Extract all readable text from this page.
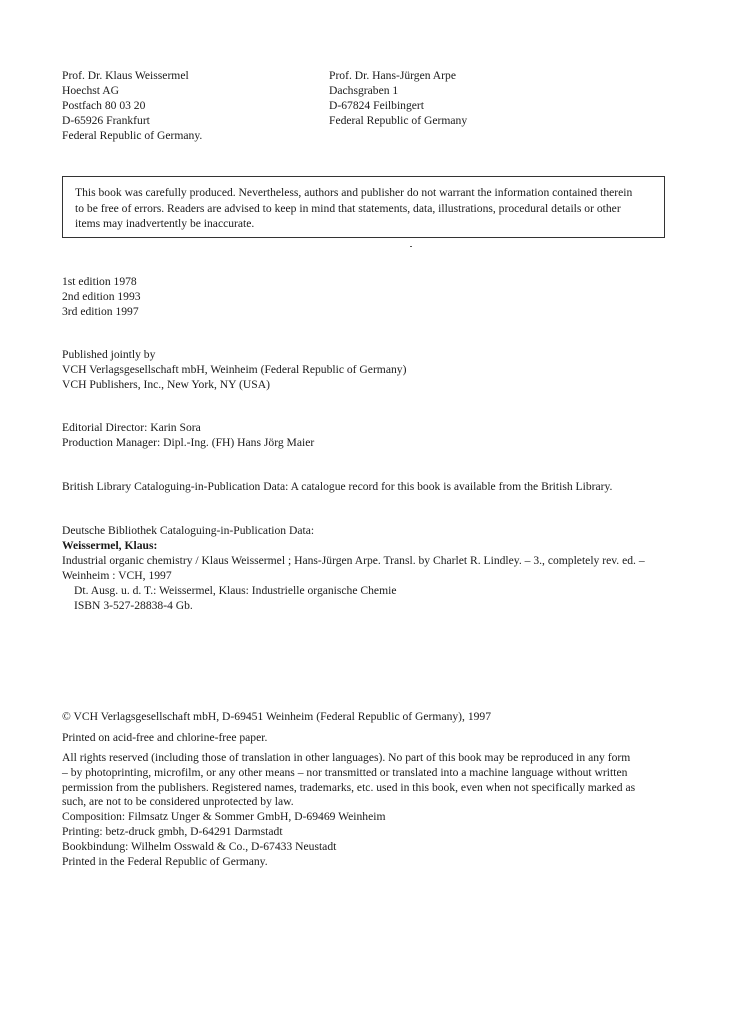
Prof. Dr. Klaus Weissermel
Hoechst AG
Postfach 80 03 20
D-65926 Frankfurt
Federal Republic of Germany.
Prof. Dr. Hans-Jürgen Arpe
Dachsgraben 1
D-67824 Feilbingert
Federal Republic of Germany
This book was carefully produced. Nevertheless, authors and publisher do not warrant the information contained therein
to be free of errors. Readers are advised to keep in mind that statements, data, illustrations, procedural details or other
items may inadvertently be inaccurate.
1st edition 1978
2nd edition 1993
3rd edition 1997
Published jointly by
VCH Verlagsgesellschaft mbH, Weinheim (Federal Republic of Germany)
VCH Publishers, Inc., New York, NY (USA)
Editorial Director: Karin Sora
Production Manager: Dipl.-Ing. (FH) Hans Jörg Maier
British Library Cataloguing-in-Publication Data: A catalogue record for this book is available from the British Library.
Deutsche Bibliothek Cataloguing-in-Publication Data:
Weissermel, Klaus:
Industrial organic chemistry / Klaus Weissermel ; Hans-Jürgen Arpe. Transl. by Charlet R. Lindley. – 3., completely rev. ed. –
Weinheim : VCH, 1997
Dt. Ausg. u. d. T.: Weissermel, Klaus: Industrielle organische Chemie
ISBN 3-527-28838-4 Gb.
© VCH Verlagsgesellschaft mbH, D-69451 Weinheim (Federal Republic of Germany), 1997
Printed on acid-free and chlorine-free paper.
All rights reserved (including those of translation in other languages). No part of this book may be reproduced in any form
– by photoprinting, microfilm, or any other means – nor transmitted or translated into a machine language without written
permission from the publishers. Registered names, trademarks, etc. used in this book, even when not specifically marked as
such, are not to be considered unprotected by law.
Composition: Filmsatz Unger & Sommer GmbH, D-69469 Weinheim
Printing: betz-druck gmbh, D-64291 Darmstadt
Bookbindung: Wilhelm Osswald & Co., D-67433 Neustadt
Printed in the Federal Republic of Germany.
